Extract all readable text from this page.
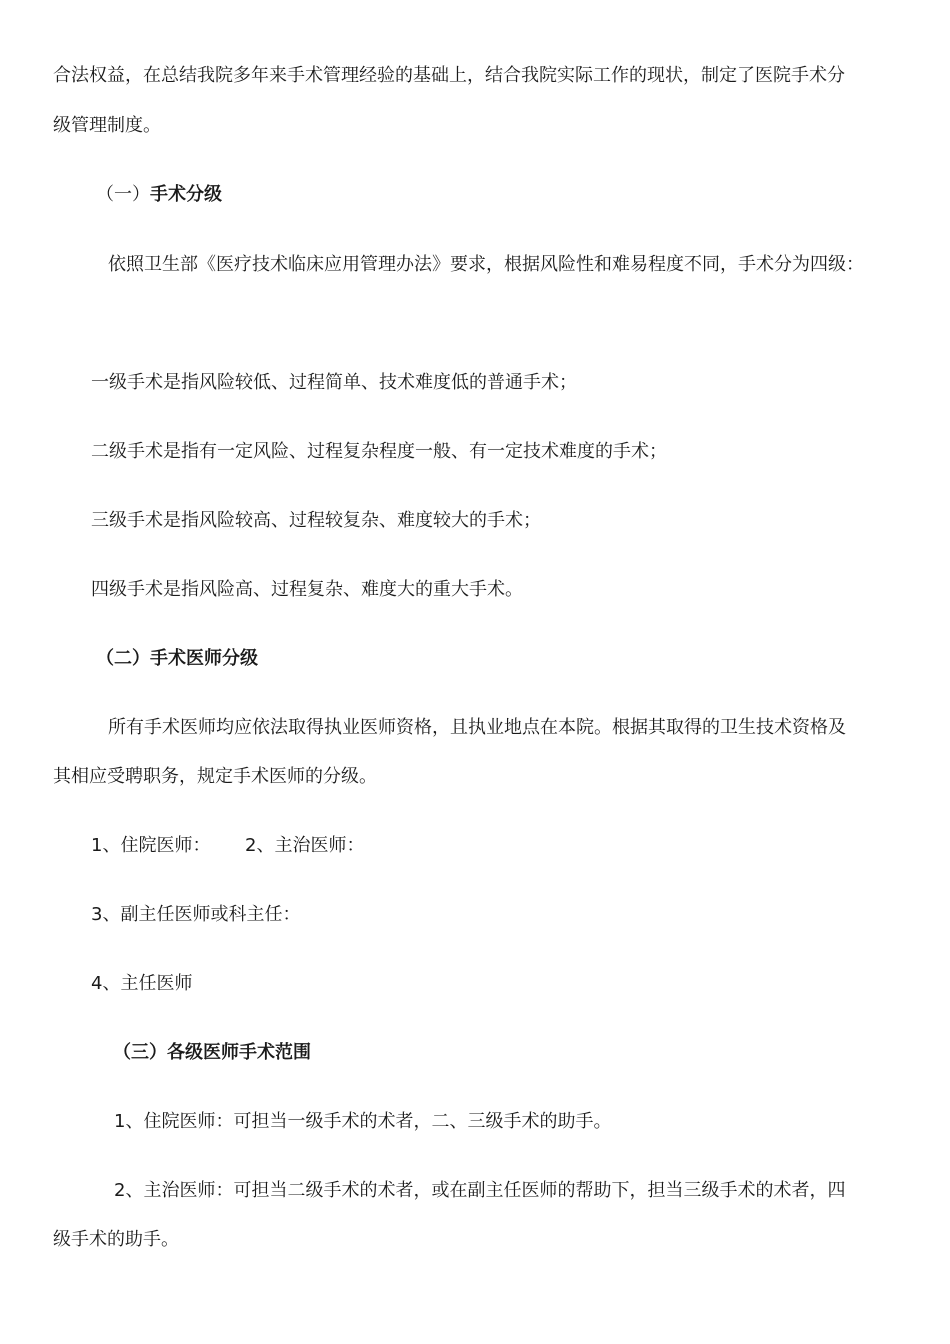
合法权益，在总结我院多年来手术管理经验的基础上，结合我院实际工作的现状，制定了医院手术分

级管理制度。

（一）手术分级

依照卫生部《医疗技术临床应用管理办法》要求，根据风险性和难易程度不同，手术分为四级：

一级手术是指风险较低、过程简单、技术难度低的普通手术；

二级手术是指有一定风险、过程复杂程度一般、有一定技术难度的手术；

三级手术是指风险较高、过程较复杂、难度较大的手术；

四级手术是指风险高、过程复杂、难度大的重大手术。

（二）手术医师分级

所有手术医师均应依法取得执业医师资格，且执业地点在本院。根据其取得的卫生技术资格及

其相应受聘职务，规定手术医师的分级。

1、住院医师： 2、主治医师：

3、副主任医师或科主任：

4、主任医师

（三）各级医师手术范围

1、住院医师：可担当一级手术的术者，二、三级手术的助手。

2、主治医师：可担当二级手术的术者，或在副主任医师的帮助下，担当三级手术的术者，四

级手术的助手。
